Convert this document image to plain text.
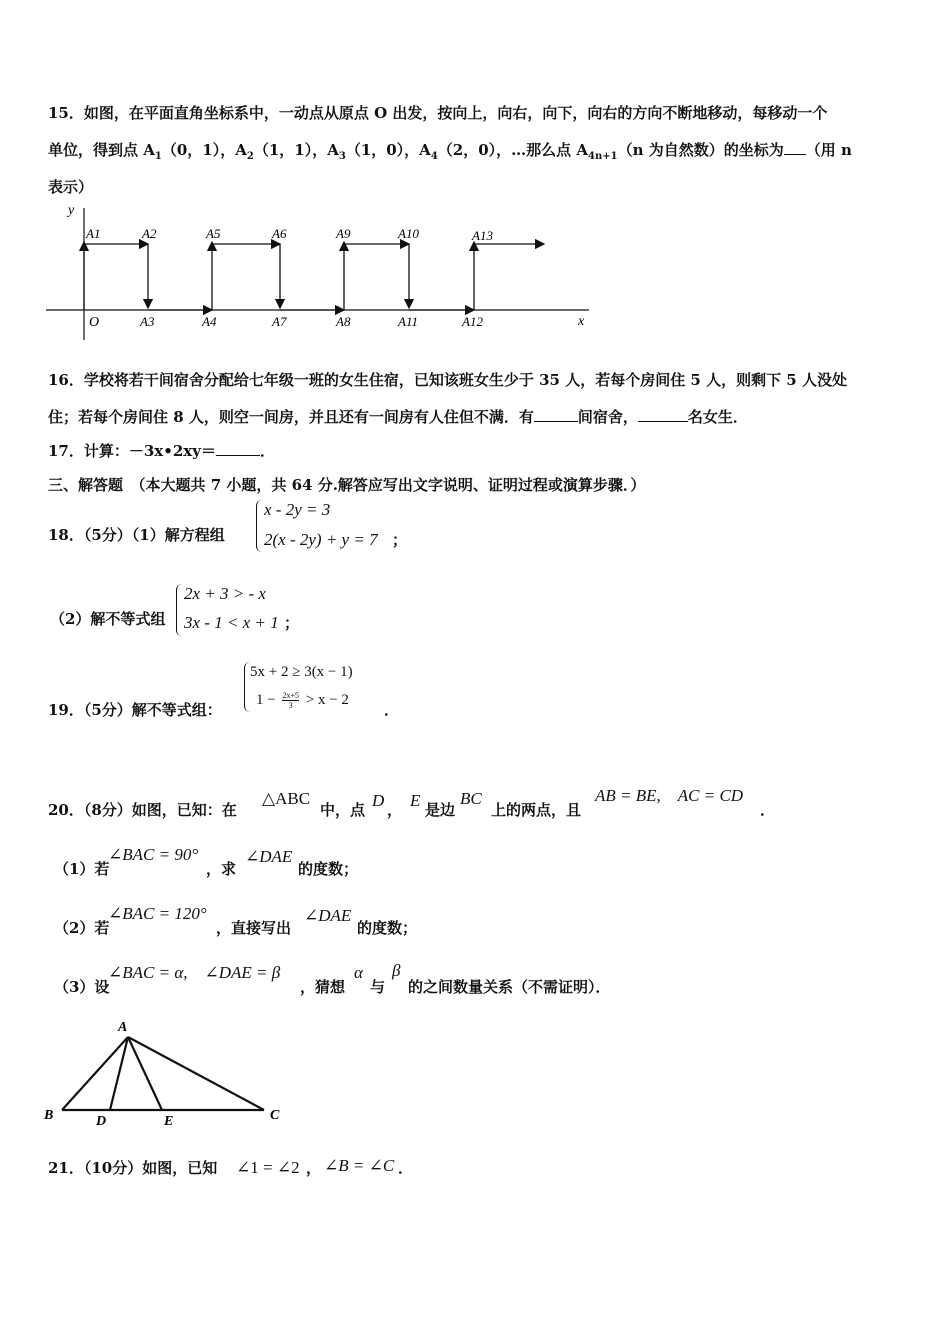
15．如图，在平面直角坐标系中，一动点从原点 O 出发，按向上，向右，向下，向右的方向不断地移动，每移动一个
单位，得到点 $A_1(0$，1），$A_2(1$，1），$A_3(1$，0），$A_4(2$，0），…那么点 $A_{4n+1}(n$ 为自然数）的坐标为 （用 n
表示）
y
x
O
A1	A2	A5	A6	A9	A10	A13
A3	A4	A7	A8	A11	A12
16．学校将若干间宿舍分配给七年级一班的女生住宿，已知该班女生少于 35 人，若每个房间住 5 人，则剩下 5 人没处
住；若每个房间住 8 人，则空一间房，并且还有一间房有人住但不满．有	间宿舍，	名女生．
17．计算：－3x•2xy＝	．
三、解答题　（本大题共 7 小题，共 64 分.解答应写出文字说明、证明过程或演算步骤．）
18．（5分）（1）解方程组
x - 2y = 3
2(x - 2y) + y = 7 ；
（2）解不等式组
2x + 3 > - x
3x - 1 < x + 1 ；
19．（5分）解不等式组：
5x + 2 ≥ 3(x − 1)
$1 - \frac{2x+5}{3} > x - 2$
．
20．（8分）如图，已知：在
△ABC
中，点 D ， E 是边
BC
上的两点，且
AB = BE,　AC = CD
．
（1）若
∠BAC = 90°
，求
∠DAE
的度数；
（2）若
∠BAC = 120°
，直接写出
∠DAE
的度数；
（3）设
∠BAC = α,　∠DAE = β
，猜想
α
与
β
的之间数量关系（不需证明）．
A
B	D	E	C
21．（10分）如图，已知 ∠1 = ∠2 ， ∠B = ∠C ．
